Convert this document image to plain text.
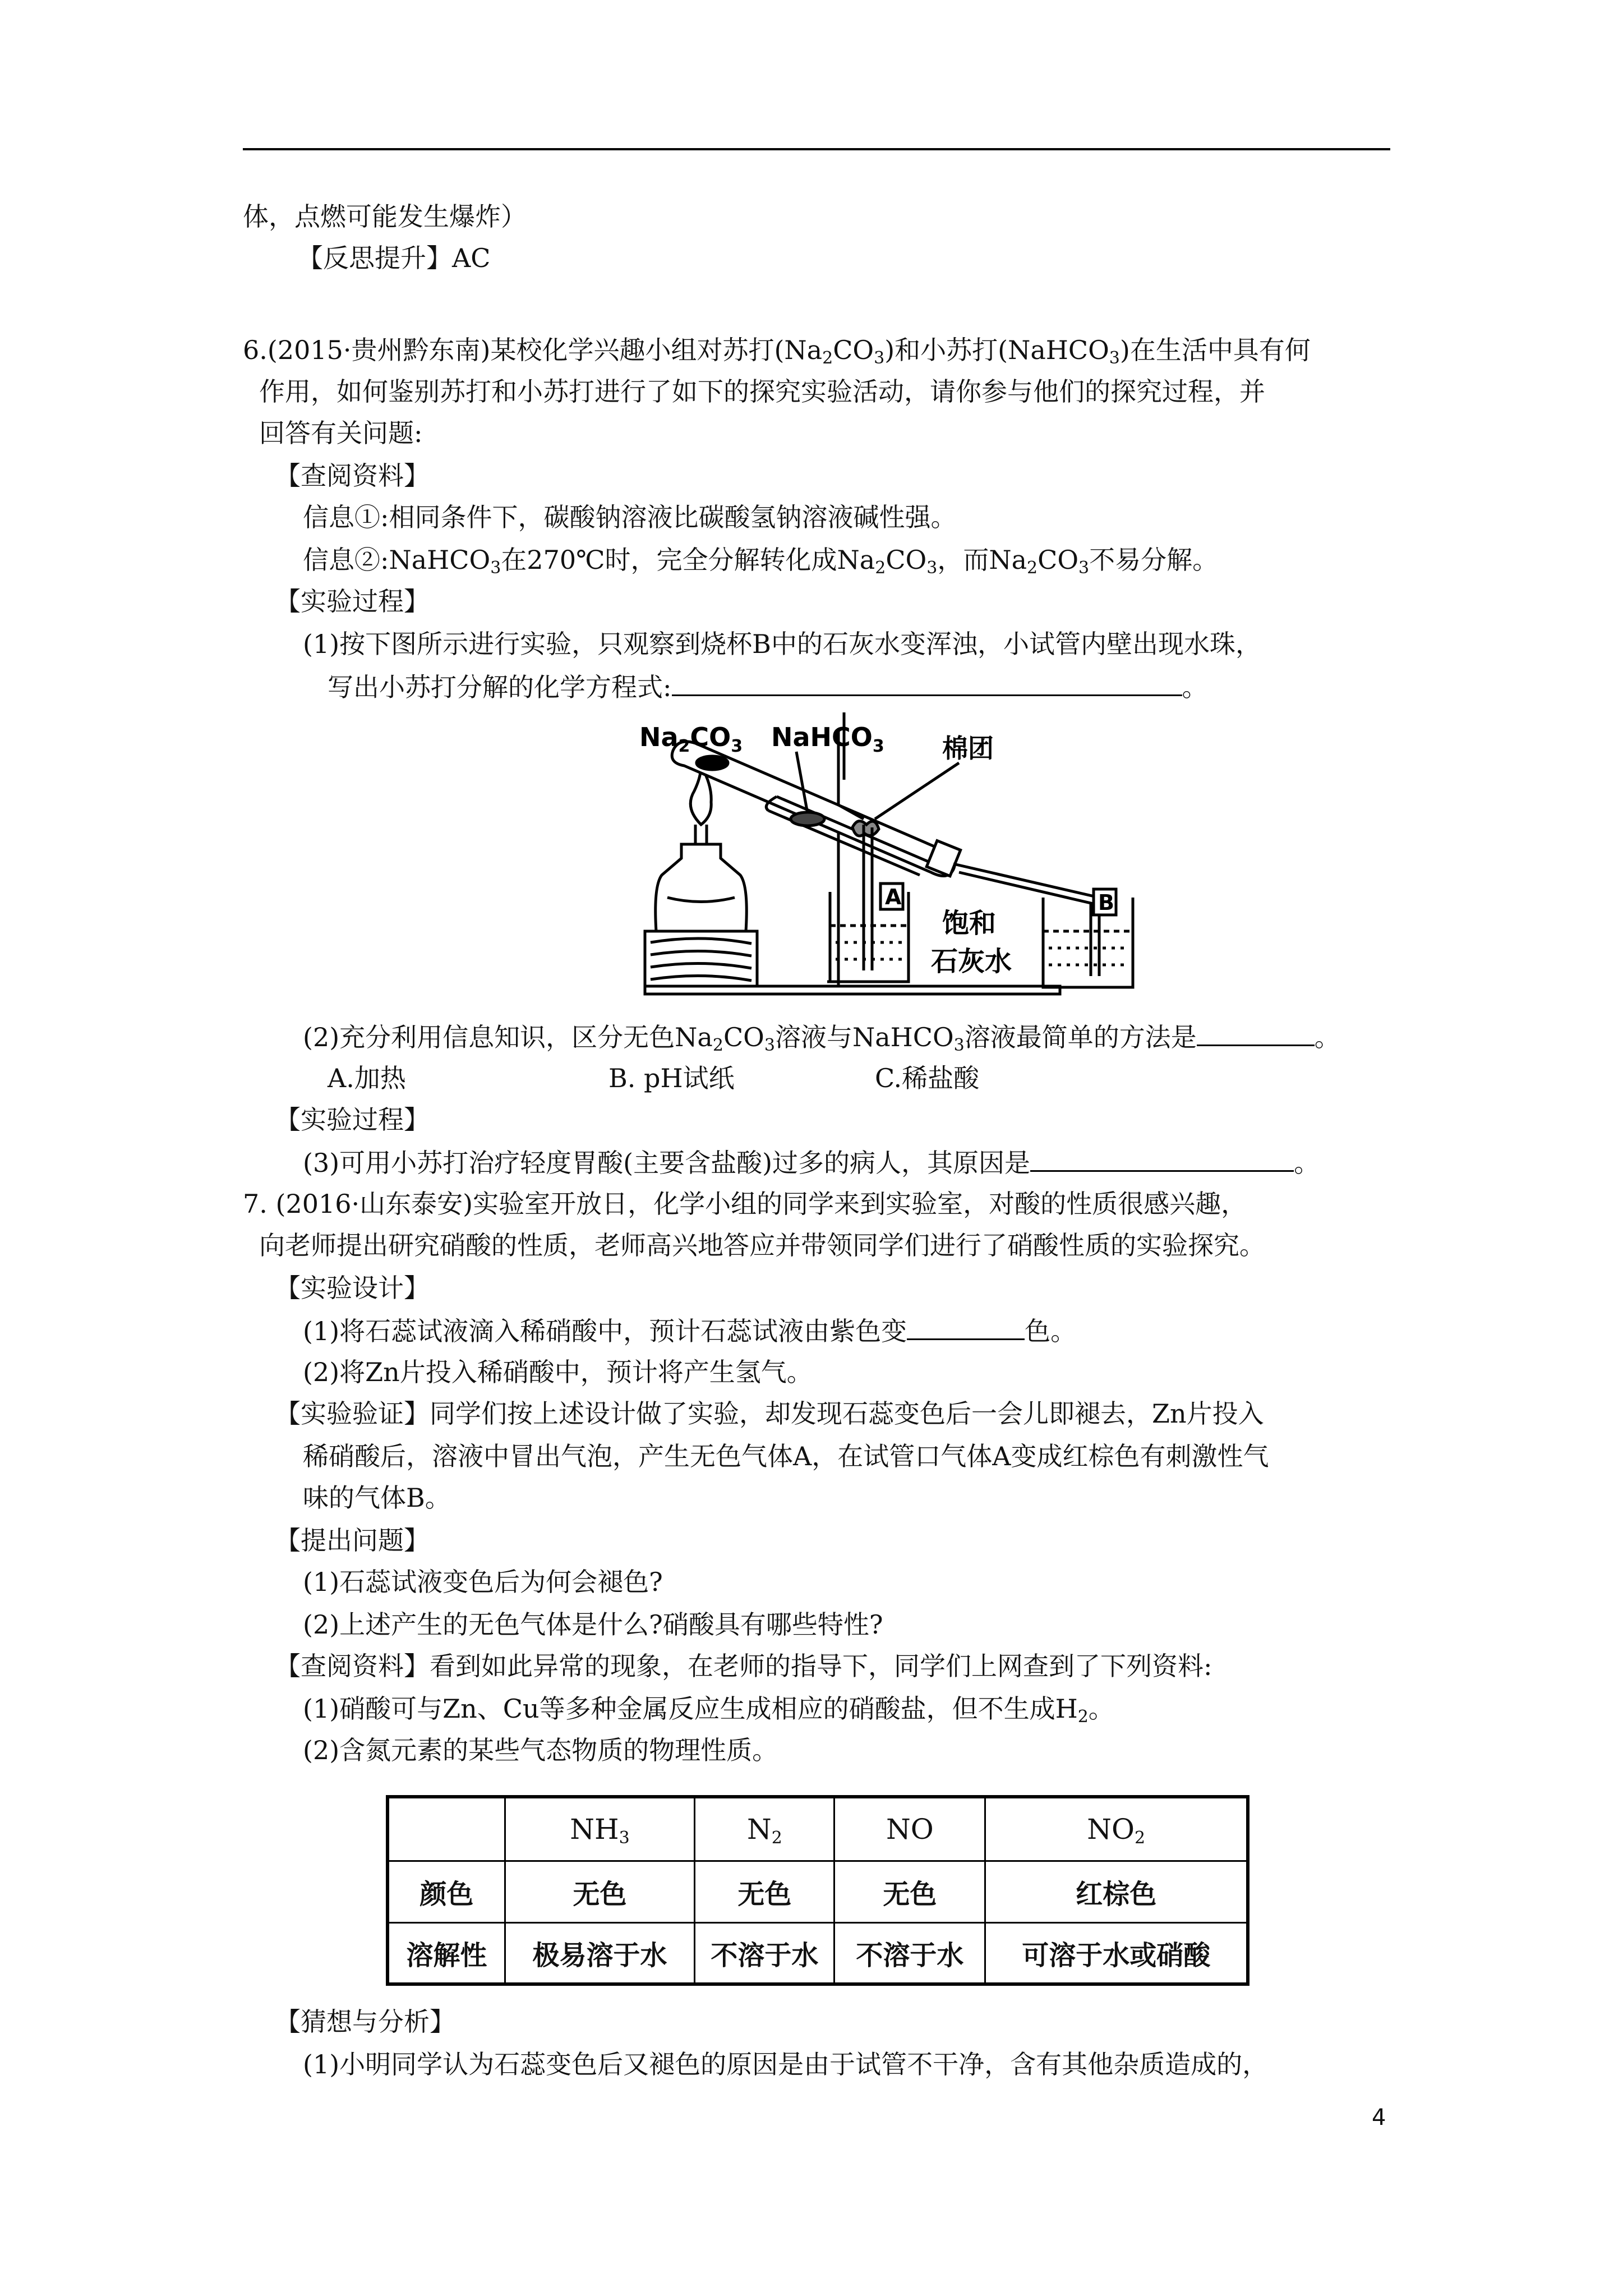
体，点燃可能发生爆炸）
【反思提升】AC
6.(2015·贵州黔东南)某校化学兴趣小组对苏打$(Na_2CO_3)$和小苏打(NaHCO$_3$)在生活中具有何
作用，如何鉴别苏打和小苏打进行了如下的探究实验活动，请你参与他们的探究过程，并
回答有关问题:
【查阅资料】
信息①:相同条件下，碳酸钠溶液比碳酸氢钠溶液碱性强。
信息②:NaHCO$_3$在270℃时，完全分解转化成$Na_2CO_3$，而$Na_2CO_3$不易分解。
【实验过程】
(1)按下图所示进行实验，只观察到烧杯B中的石灰水变浑浊，小试管内壁出现水珠，
写出小苏打分解的化学方程式:	。
$Na_2CO_3$ NaHCO$_3$ 棉团
A	B
饱和
石灰水
(2)充分利用信息知识，区分无色$Na_2CO_3$溶液与NaHCO$_3$溶液最简单的方法是	。
A.加热	B. pH试纸	C.稀盐酸
【实验过程】
(3)可用小苏打治疗轻度胃酸(主要含盐酸)过多的病人，其原因是	。
7. (2016·山东泰安)实验室开放日，化学小组的同学来到实验室，对酸的性质很感兴趣，
向老师提出研究硝酸的性质，老师高兴地答应并带领同学们进行了硝酸性质的实验探究。
【实验设计】
(1)将石蕊试液滴入稀硝酸中，预计石蕊试液由紫色变	色。
(2)将Zn片投入稀硝酸中，预计将产生氢气。
【实验验证】同学们按上述设计做了实验，却发现石蕊变色后一会儿即褪去，Zn片投入
稀硝酸后，溶液中冒出气泡，产生无色气体A，在试管口气体A变成红棕色有刺激性气
味的气体B。
【提出问题】
(1)石蕊试液变色后为何会褪色?
(2)上述产生的无色气体是什么?硝酸具有哪些特性?
【查阅资料】看到如此异常的现象，在老师的指导下，同学们上网查到了下列资料:
(1)硝酸可与Zn、Cu等多种金属反应生成相应的硝酸盐，但不生成$H_2$。
(2)含氮元素的某些气态物质的物理性质。
	$NH_3$	$N_2$	NO	$NO_2$
颜色	无色	无色	无色	红棕色
溶解性	极易溶于水	不溶于水	不溶于水	可溶于水或硝酸
【猜想与分析】
(1)小明同学认为石蕊变色后又褪色的原因是由于试管不干净，含有其他杂质造成的，
4
